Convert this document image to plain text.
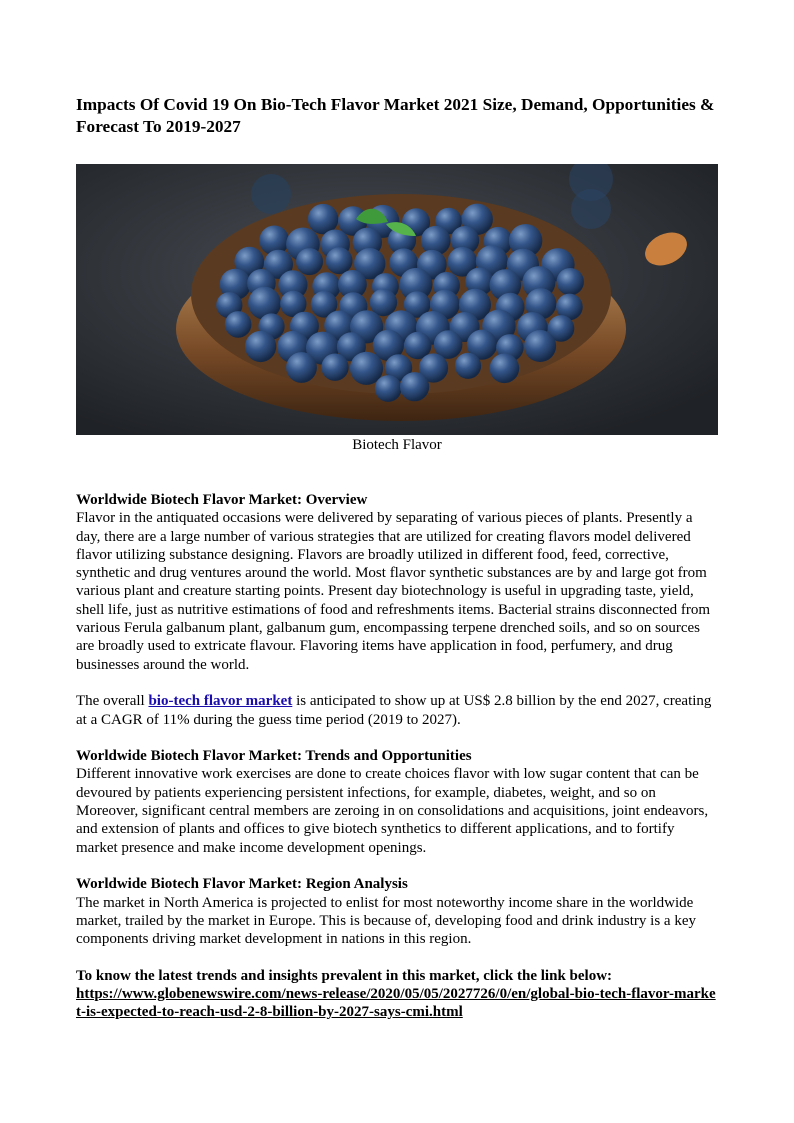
Impacts Of Covid 19 On Bio-Tech Flavor Market 2021 Size, Demand, Opportunities & Forecast To 2019-2027
Biotech Flavor

Worldwide Biotech Flavor Market: Overview
Flavor in the antiquated occasions were delivered by separating of various pieces of plants. Presently a day, there are a large number of various strategies that are utilized for creating flavors model delivered flavor utilizing substance designing. Flavors are broadly utilized in different food, feed, corrective, synthetic and drug ventures around the world. Most flavor synthetic substances are by and large got from various plant and creature starting points. Present day biotechnology is useful in upgrading taste, yield, shell life, just as nutritive estimations of food and refreshments items. Bacterial strains disconnected from various Ferula galbanum plant, galbanum gum, encompassing terpene drenched soils, and so on sources are broadly used to extricate flavour. Flavoring items have application in food, perfumery, and drug businesses around the world.

The overall bio-tech flavor market is anticipated to show up at US$ 2.8 billion by the end 2027, creating at a CAGR of 11% during the guess time period (2019 to 2027).

Worldwide Biotech Flavor Market: Trends and Opportunities
Different innovative work exercises are done to create choices flavor with low sugar content that can be devoured by patients experiencing persistent infections, for example, diabetes, weight, and so on Moreover, significant central members are zeroing in on consolidations and acquisitions, joint endeavors, and extension of plants and offices to give biotech synthetics to different applications, and to fortify market presence and make income development openings.

Worldwide Biotech Flavor Market: Region Analysis
The market in North America is projected to enlist for most noteworthy income share in the worldwide market, trailed by the market in Europe. This is because of, developing food and drink industry is a key components driving market development in nations in this region.

To know the latest trends and insights prevalent in this market, click the link below:
https://www.globenewswire.com/news-release/2020/05/05/2027726/0/en/global-bio-tech-flavor-market-is-expected-to-reach-usd-2-8-billion-by-2027-says-cmi.html
